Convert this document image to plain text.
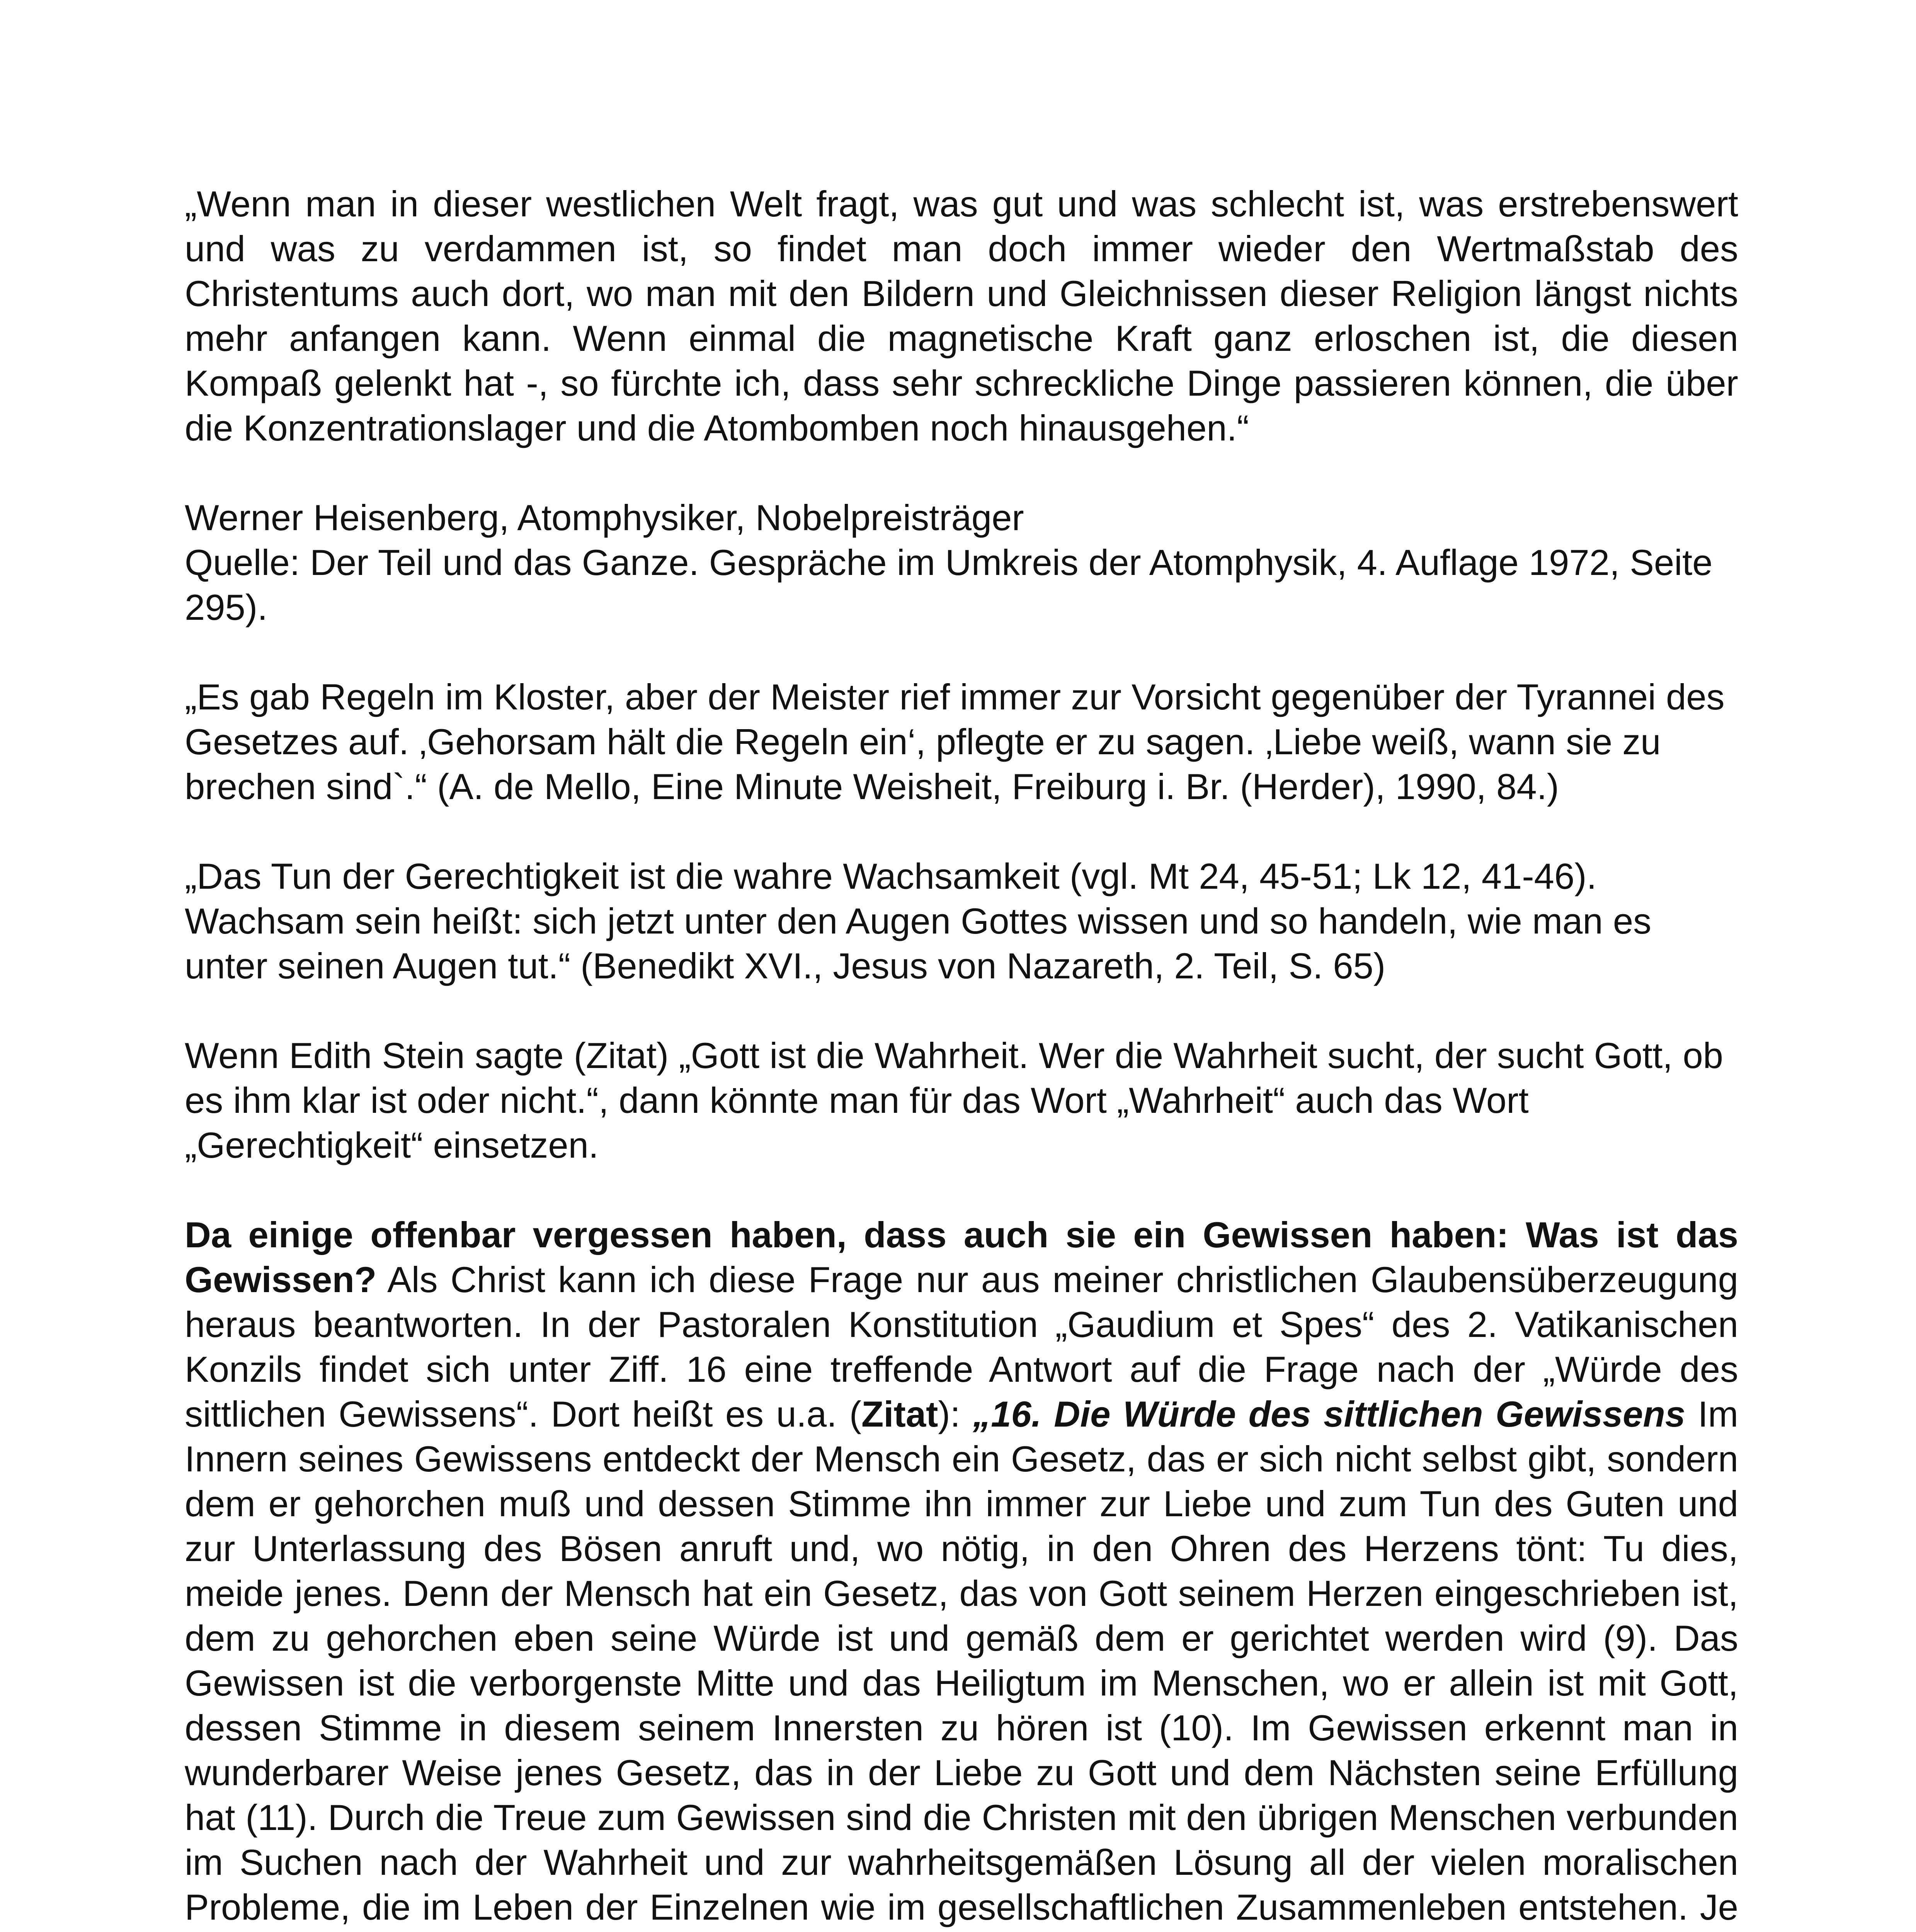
„Wenn man in dieser westlichen Welt fragt, was gut und was schlecht ist, was erstrebenswert und was zu verdammen ist, so findet man doch immer wieder den Wertmaßstab des Christentums auch dort, wo man mit den Bildern und Gleichnissen dieser Religion längst nichts mehr anfangen kann. Wenn einmal die magnetische Kraft ganz erloschen ist, die diesen Kompaß gelenkt hat -, so fürchte ich, dass sehr schreckliche Dinge passieren können, die über die Konzentrationslager und die Atombomben noch hinausgehen.“

Werner Heisenberg, Atomphysiker, Nobelpreisträger
Quelle: Der Teil und das Ganze. Gespräche im Umkreis der Atomphysik, 4. Auflage 1972, Seite 295).

„Es gab Regeln im Kloster, aber der Meister rief immer zur Vorsicht gegenüber der Tyrannei des Gesetzes auf. ‚Gehorsam hält die Regeln ein‘, pflegte er zu sagen. ‚Liebe weiß, wann sie zu brechen sind`.“ (A. de Mello, Eine Minute Weisheit, Freiburg i. Br. (Herder), 1990, 84.)

„Das Tun der Gerechtigkeit ist die wahre Wachsamkeit (vgl. Mt 24, 45-51; Lk 12, 41-46). Wachsam sein heißt: sich jetzt unter den Augen Gottes wissen und so handeln, wie man es unter seinen Augen tut.“ (Benedikt XVI., Jesus von Nazareth, 2. Teil, S. 65)

Wenn Edith Stein sagte (Zitat) „Gott ist die Wahrheit. Wer die Wahrheit sucht, der sucht Gott, ob es ihm klar ist oder nicht.“, dann könnte man für das Wort „Wahrheit“ auch das Wort „Gerechtigkeit“ einsetzen.

Da einige offenbar vergessen haben, dass auch sie ein Gewissen haben: Was ist das Gewissen? Als Christ kann ich diese Frage nur aus meiner christlichen Glaubensüberzeugung heraus beantworten. In der Pastoralen Konstitution „Gaudium et Spes“ des 2. Vatikanischen Konzils findet sich unter Ziff. 16 eine treffende Antwort auf die Frage nach der „Würde des sittlichen Gewissens“. Dort heißt es u.a. (Zitat): „16. Die Würde des sittlichen Gewissens Im Innern seines Gewissens entdeckt der Mensch ein Gesetz, das er sich nicht selbst gibt, sondern dem er gehorchen muß und dessen Stimme ihn immer zur Liebe und zum Tun des Guten und zur Unterlassung des Bösen anruft und, wo nötig, in den Ohren des Herzens tönt: Tu dies, meide jenes. Denn der Mensch hat ein Gesetz, das von Gott seinem Herzen eingeschrieben ist, dem zu gehorchen eben seine Würde ist und gemäß dem er gerichtet werden wird (9). Das Gewissen ist die verborgenste Mitte und das Heiligtum im Menschen, wo er allein ist mit Gott, dessen Stimme in diesem seinem Innersten zu hören ist (10). Im Gewissen erkennt man in wunderbarer Weise jenes Gesetz, das in der Liebe zu Gott und dem Nächsten seine Erfüllung hat (11). Durch die Treue zum Gewissen sind die Christen mit den übrigen Menschen verbunden im Suchen nach der Wahrheit und zur wahrheitsgemäßen Lösung all der vielen moralischen Probleme, die im Leben der Einzelnen wie im gesellschaftlichen Zusammenleben entstehen. Je
